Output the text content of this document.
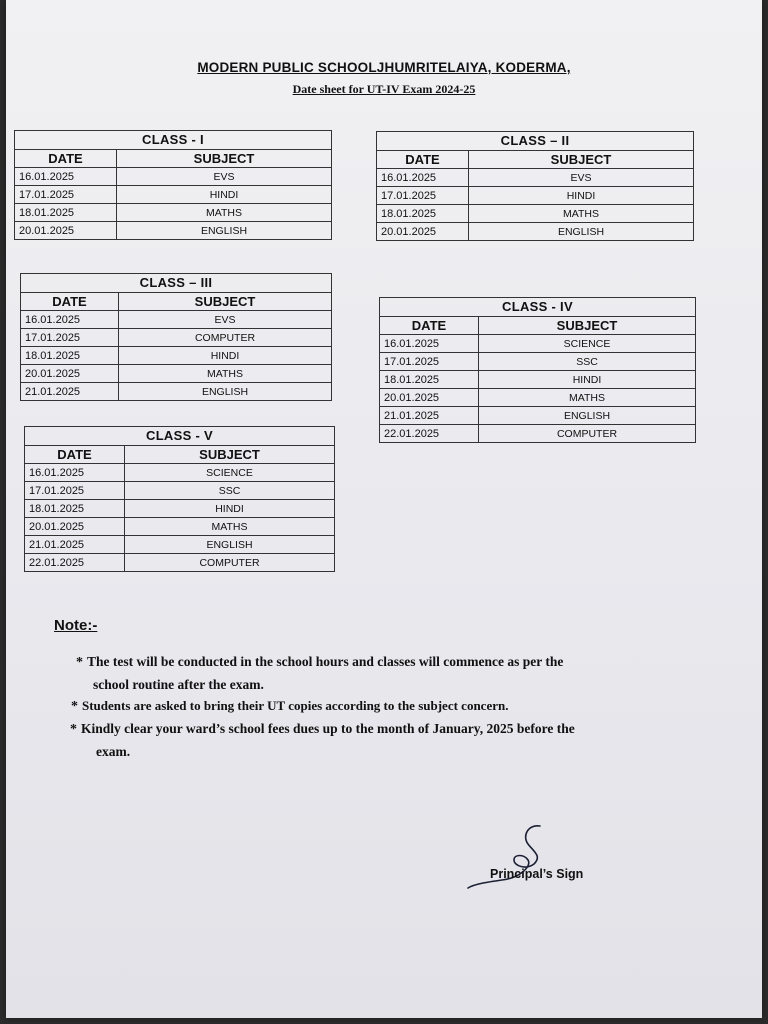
MODERN PUBLIC SCHOOLJHUMRITELAIYA, KODERMA,
Date sheet for UT-IV Exam 2024-25
CLASS - I	
DATE	SUBJECT
16.01.2025	EVS
17.01.2025	HINDI
18.01.2025	MATHS
20.01.2025	ENGLISH
CLASS – II	
DATE	SUBJECT
16.01.2025	EVS
17.01.2025	HINDI
18.01.2025	MATHS
20.01.2025	ENGLISH
CLASS – III	
DATE	SUBJECT
16.01.2025	EVS
17.01.2025	COMPUTER
18.01.2025	HINDI
20.01.2025	MATHS
21.01.2025	ENGLISH
CLASS - IV	
DATE	SUBJECT
16.01.2025	SCIENCE
17.01.2025	SSC
18.01.2025	HINDI
20.01.2025	MATHS
21.01.2025	ENGLISH
22.01.2025	COMPUTER
CLASS - V	
DATE	SUBJECT
16.01.2025	SCIENCE
17.01.2025	SSC
18.01.2025	HINDI
20.01.2025	MATHS
21.01.2025	ENGLISH
22.01.2025	COMPUTER
Note:-
* The test will be conducted in the school hours and classes will commence as per the
school routine after the exam.
* Students are asked to bring their UT copies according to the subject concern.
* Kindly clear your ward’s school fees dues up to the month of January, 2025 before the
exam.
Principal’s Sign
